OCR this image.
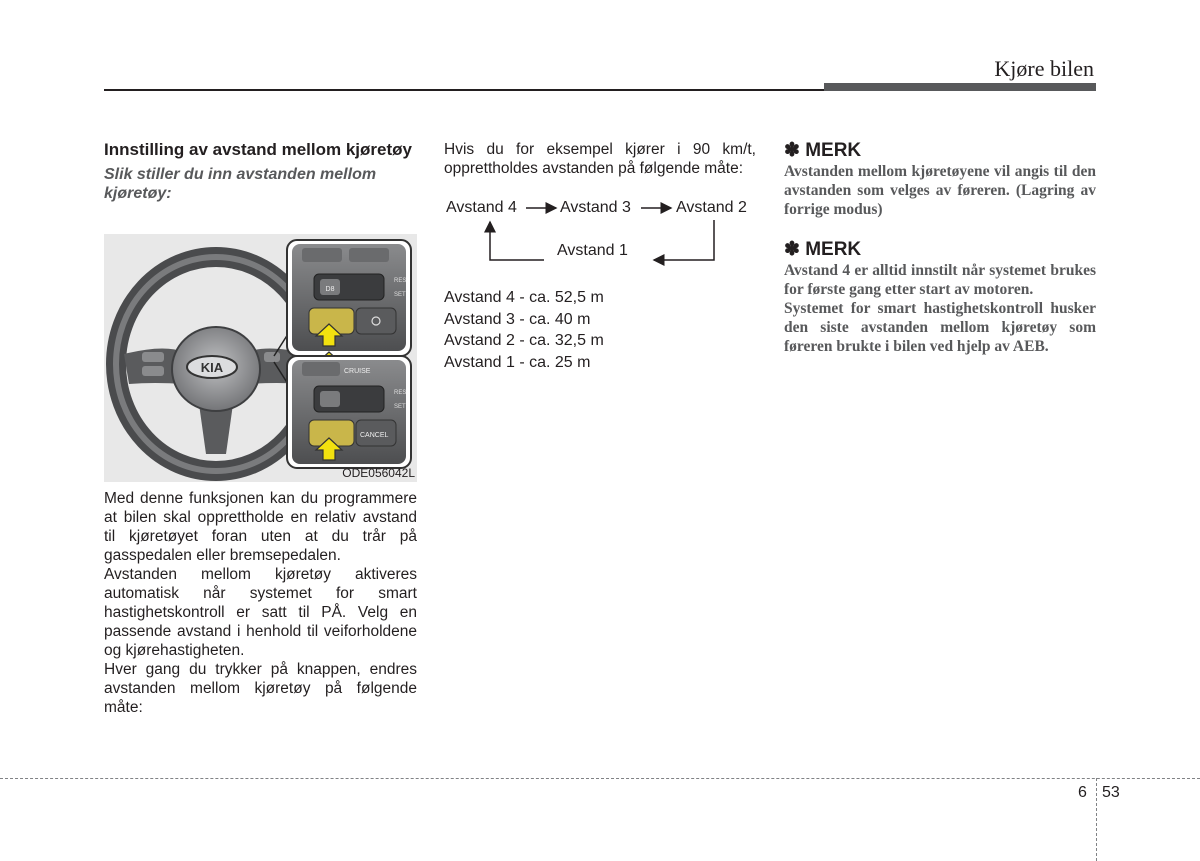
Kjøre bilen

Innstilling av avstand mellom kjøretøy

Slik stiller du inn avstanden mellom kjøretøy:

KIA
D8
RES
SET
CRUISE
RES
SET
CANCEL
ODE056042L

Med denne funksjonen kan du programmere at bilen skal opprettholde en relativ avstand til kjøretøyet foran uten at du trår på gasspedalen eller bremsepedalen.

Avstanden mellom kjøretøy aktiveres automatisk når systemet for smart hastighetskontroll er satt til PÅ. Velg en passende avstand i henhold til veiforholdene og kjørehastigheten.

Hver gang du trykker på knappen, endres avstanden mellom kjøretøy på følgende måte:

Hvis du for eksempel kjører i 90 km/t, opprettholdes avstanden på følgende måte:

Avstand 4	Avstand 3	Avstand 2
Avstand 1
Avstand 4 - ca. 52,5 m
Avstand 3 - ca. 40 m
Avstand 2 - ca. 32,5 m
Avstand 1 - ca. 25 m

✽ MERK

Avstanden mellom kjøretøyene vil angis til den avstanden som velges av føreren. (Lagring av forrige modus)

✽ MERK

Avstand 4 er alltid innstilt når systemet brukes for første gang etter start av motoren.

Systemet for smart hastighetskontroll husker den siste avstanden mellom kjøretøy som føreren brukte i bilen ved hjelp av AEB.

6 53
